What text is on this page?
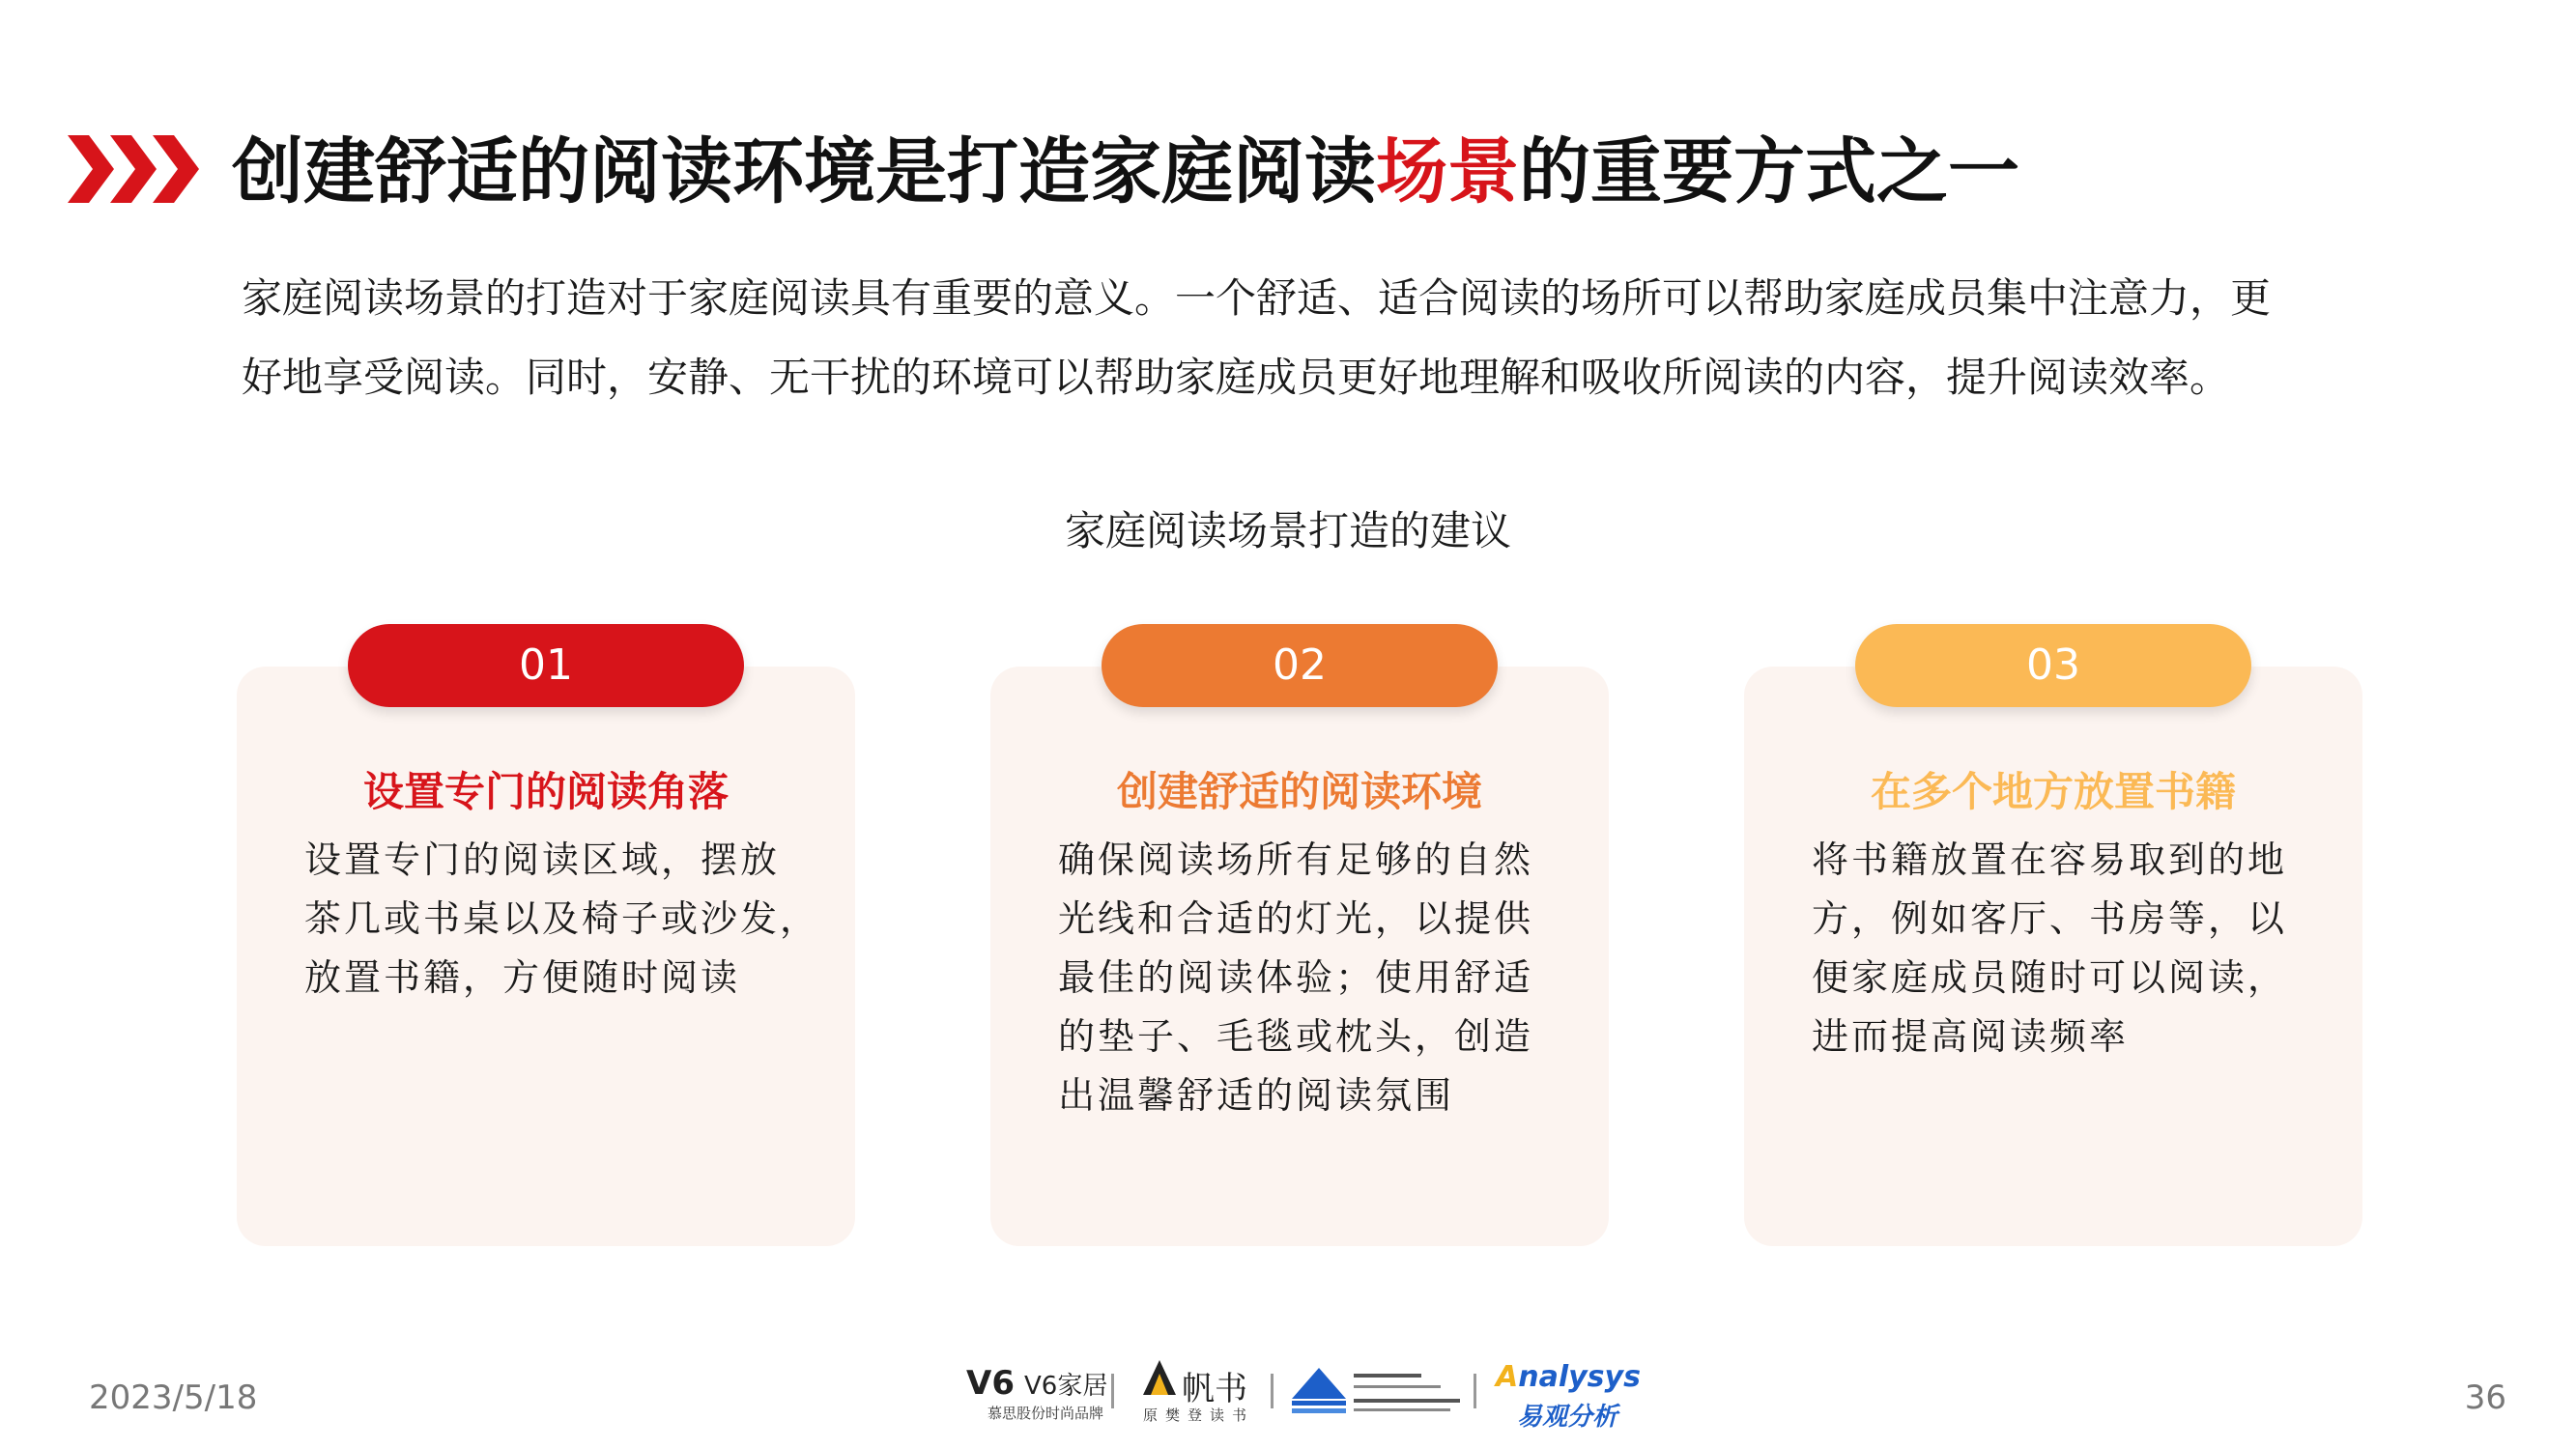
创建舒适的阅读环境是打造家庭阅读场景的重要方式之一
家庭阅读场景的打造对于家庭阅读具有重要的意义。一个舒适、适合阅读的场所可以帮助家庭成员集中注意力，更
好地享受阅读。同时，安静、无干扰的环境可以帮助家庭成员更好地理解和吸收所阅读的内容，提升阅读效率。
家庭阅读场景打造的建议
设置专门的阅读角落
设置专门的阅读区域，摆放
茶几或书桌以及椅子或沙发，
放置书籍，方便随时阅读
01
创建舒适的阅读环境
确保阅读场所有足够的自然
光线和合适的灯光，以提供
最佳的阅读体验；使用舒适
的垫子、毛毯或枕头，创造
出温馨舒适的阅读氛围
02
在多个地方放置书籍
将书籍放置在容易取到的地
方，例如客厅、书房等，以
便家庭成员随时可以阅读，
进而提高阅读频率
03
2023/5/18	36
V6 V6家居
慕思股份时尚品牌
帆书
原樊登读书
Analysys
易观分析
